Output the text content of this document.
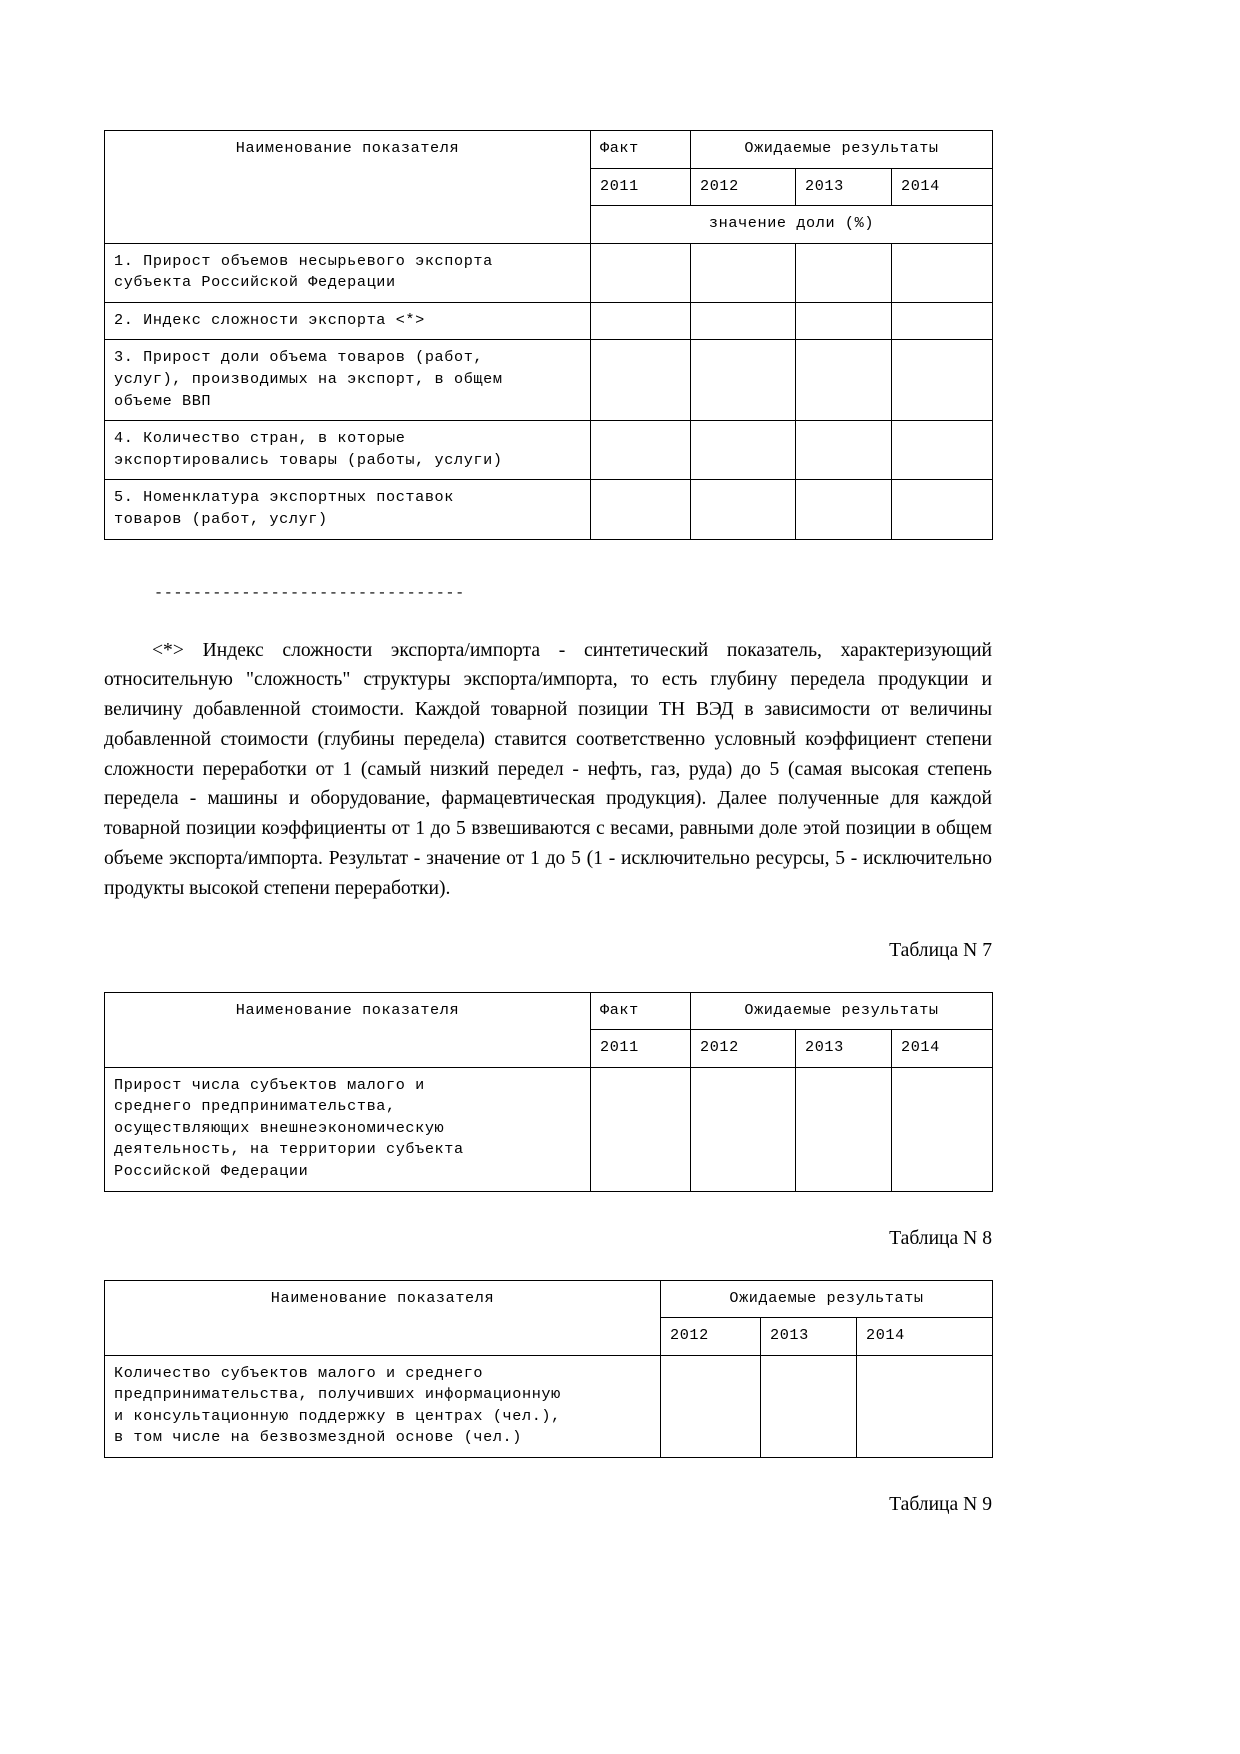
Наименование показателя	Факт	Ожидаемые результаты		
	2011	2012	2013	2014
	значение доли (%)			

1. Прирост объемов несырьевого экспорта
субъекта Российской Федерации				

2. Индекс сложности экспорта <*>				

3. Прирост доли объема товаров (работ,
услуг), производимых на экспорт, в общем
объеме ВВП				

4. Количество стран, в которые
экспортировались товары (работы, услуги)				

5. Номенклатура экспортных поставок
товаров (работ, услуг)				

--------------------------------

<*> Индекс сложности экспорта/импорта - синтетический показатель, характеризующий относительную "сложность" структуры экспорта/импорта, то есть глубину передела продукции и величину добавленной стоимости. Каждой товарной позиции ТН ВЭД в зависимости от величины добавленной стоимости (глубины передела) ставится соответственно условный коэффициент степени сложности переработки от 1 (самый низкий передел - нефть, газ, руда) до 5 (самая высокая степень передела - машины и оборудование, фармацевтическая продукция). Далее полученные для каждой товарной позиции коэффициенты от 1 до 5 взвешиваются с весами, равными доле этой позиции в общем объеме экспорта/импорта. Результат - значение от 1 до 5 (1 - исключительно ресурсы, 5 - исключительно продукты высокой степени переработки).

Таблица N 7
Наименование показателя	Факт	Ожидаемые результаты		
	2011	2012	2013	2014

Прирост числа субъектов малого и
среднего предпринимательства,
осуществляющих внешнеэкономическую
деятельность, на территории субъекта
Российской Федерации				

Таблица N 8
Наименование показателя	Ожидаемые результаты		
	2012	2013	2014

Количество субъектов малого и среднего
предпринимательства, получивших информационную
и консультационную поддержку в центрах (чел.),
в том числе на безвозмездной основе (чел.)			

Таблица N 9
